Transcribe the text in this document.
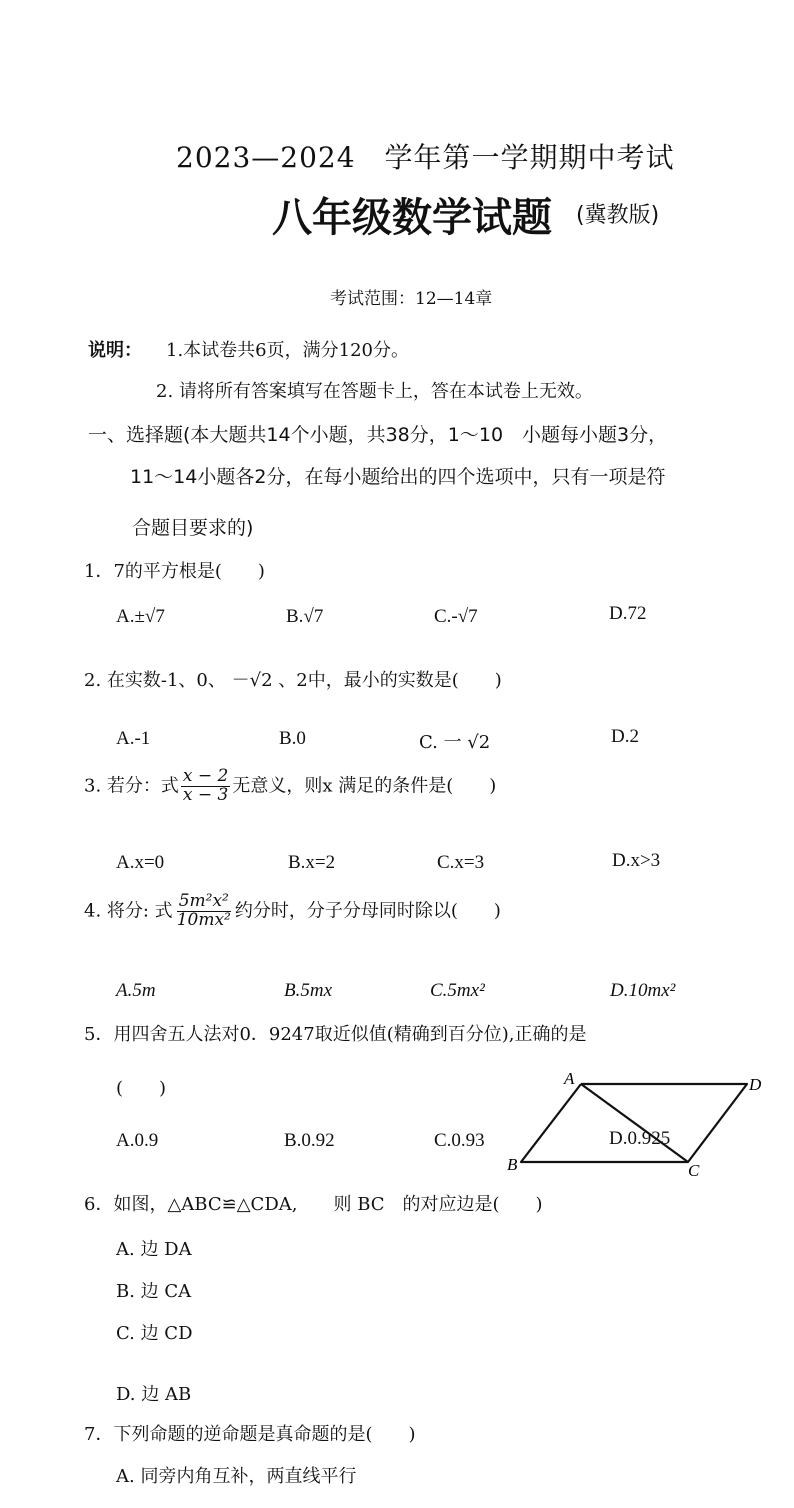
2023—2024　学年第一学期期中考试
八年级数学试题 (冀教版)
考试范围：12—14章
说明： 1.本试卷共6页，满分120分。
2. 请将所有答案填写在答题卡上，答在本试卷上无效。
一、选择题(本大题共14个小题，共38分，1～10　小题每小题3分，
11～14小题各2分，在每小题给出的四个选项中，只有一项是符
合题目要求的)
1．7的平方根是(　　)
A.±√7	B.√7	C.-√7	D.72
2. 在实数-1、0、 －√2 、2中，最小的实数是(　　)
A.-1	B.0	C. 一 √2	D.2
3. 若分：式 $\frac{x - 2}{x - 3}$ 无意义，则x 满足的条件是(　　)
A.x=0	B.x=2	C.x=3	D.x>3
4. 将分: 式 $\frac{\text{5m²x²}}{\text{10mx²}}$ 约分时，分子分母同时除以(　　)
A.5m	B.5mx	C.5mx²	D.10mx²
5．用四舍五人法对0．9247取近似值(精确到百分位),正确的是
(　　)
A.0.9	B.0.92	C.0.93
A	D
B	C
D.0.925
6．如图，△ABC≌△CDA,　　则 BC　的对应边是(　　)
A. 边 DA
B. 边 CA
C. 边 CD
D. 边 AB
7．下列命题的逆命题是真命题的是(　　)
A. 同旁内角互补，两直线平行
